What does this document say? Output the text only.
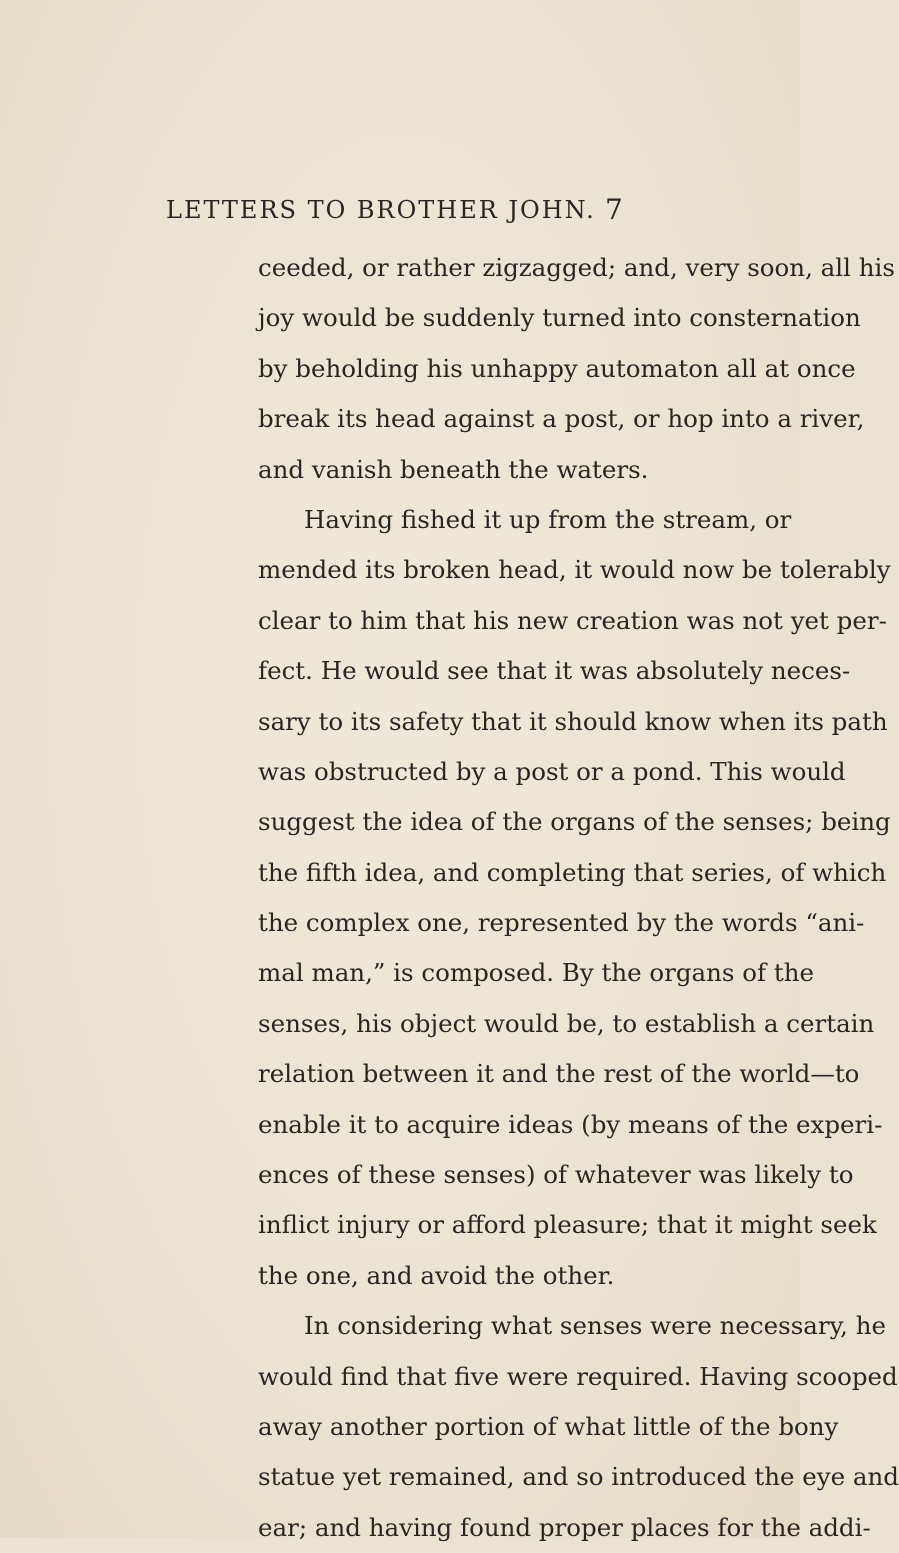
LETTERS TO BROTHER JOHN. 7
ceeded, or rather zigzagged; and, very soon, all his
joy would be suddenly turned into consternation
by beholding his unhappy automaton all at once
break its head against a post, or hop into a river,
and vanish beneath the waters.
Having fished it up from the stream, or
mended its broken head, it would now be tolerably
clear to him that his new creation was not yet per-
fect. He would see that it was absolutely neces-
sary to its safety that it should know when its path
was obstructed by a post or a pond. This would
suggest the idea of the organs of the senses; being
the fifth idea, and completing that series, of which
the complex one, represented by the words “ani-
mal man,” is composed. By the organs of the
senses, his object would be, to establish a certain
relation between it and the rest of the world—to
enable it to acquire ideas (by means of the experi-
ences of these senses) of whatever was likely to
inflict injury or afford pleasure; that it might seek
the one, and avoid the other.
In considering what senses were necessary, he
would find that five were required. Having scooped
away another portion of what little of the bony
statue yet remained, and so introduced the eye and
ear; and having found proper places for the addi-
